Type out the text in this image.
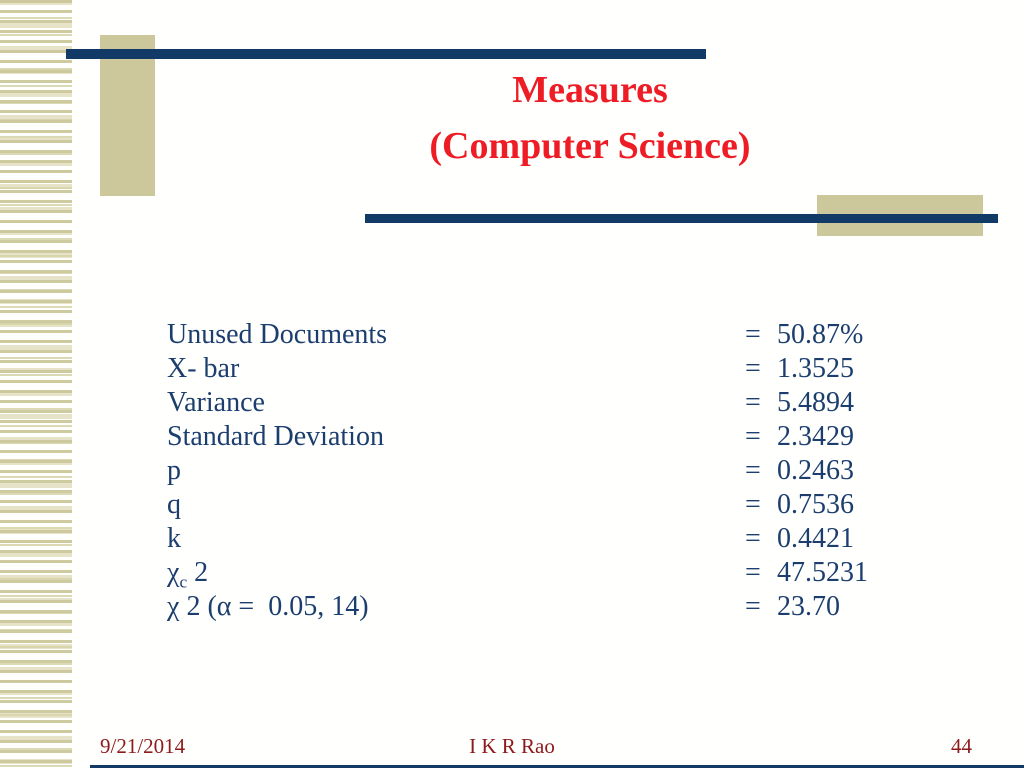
Measures
(Computer Science)
Unused Documents	= 50.87%
X- bar	= 1.3525
Variance	= 5.4894
Standard Deviation	= 2.3429
p	= 0.2463
q	= 0.7536
k	= 0.4421
$\chi_c$ 2	= 47.5231
χ 2 (α =  0.05, 14)	= 23.70
9/21/2014	I K R Rao	44
